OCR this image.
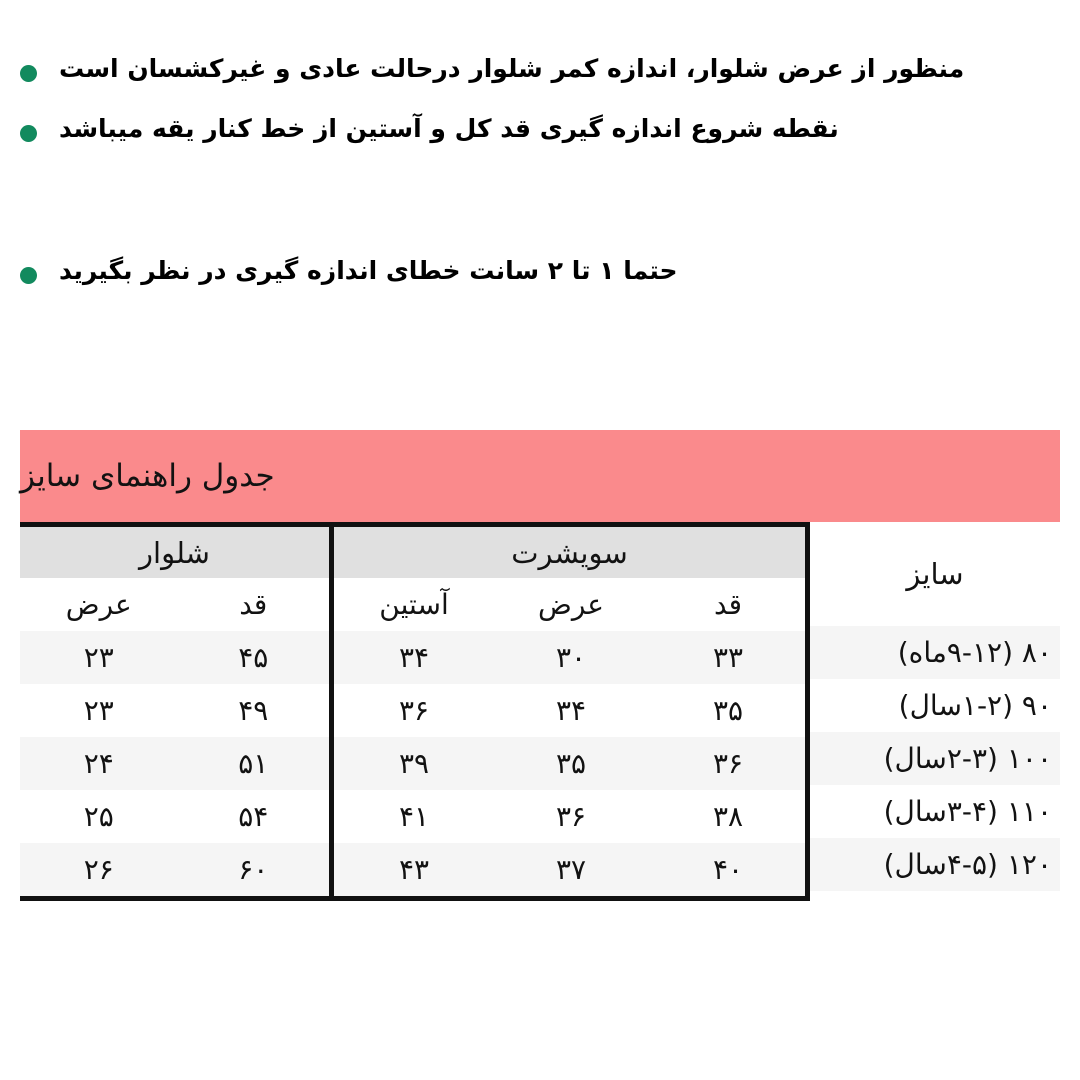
منظور از عرض شلوار، اندازه کمر شلوار درحالت عادی و غیرکشسان است
نقطه شروع اندازه گیری قد کل و آستین از خط کنار یقه میباشد
حتما ۱ تا ۲ سانت خطای اندازه گیری در نظر بگیرید
جدول راهنمای سایز
سایز
۸۰ (۹-۱۲ماه)
۹۰ (۱-۲سال)
۱۰۰ (۲-۳سال)
۱۱۰ (۳-۴سال)
۱۲۰ (۴-۵سال)
سویشرت
قد
عرض
آستین
۳۳
۳۰
۳۴
۳۵
۳۴
۳۶
۳۶
۳۵
۳۹
۳۸
۳۶
۴۱
۴۰
۳۷
۴۳
شلوار
قد
عرض
۴۵
۲۳
۴۹
۲۳
۵۱
۲۴
۵۴
۲۵
۶۰
۲۶
